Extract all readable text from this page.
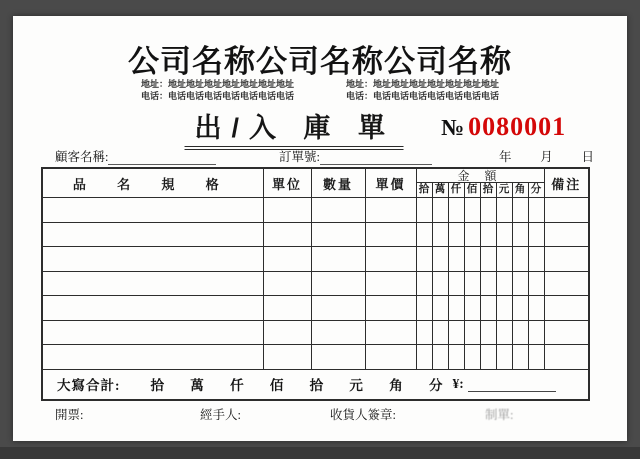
公司名称公司名称公司名称
地址：地址地址地址地址地址地址地址
电话：电话电话电话电话电话电话电话
地址：地址地址地址地址地址地址地址
电话：电话电话电话电话电话电话电话
出/入 庫 單	№ 0080001
顧客名稱:	訂單號:	年 月 日
品 名 規 格	單位	數量	單價	金 額								備注
				拾	萬	仟	佰	拾	元	角	分	

大寫合計: 拾 萬 仟 佰 拾 元 角 分 ¥:
開票:	經手人:	收貨人簽章:	制單:
